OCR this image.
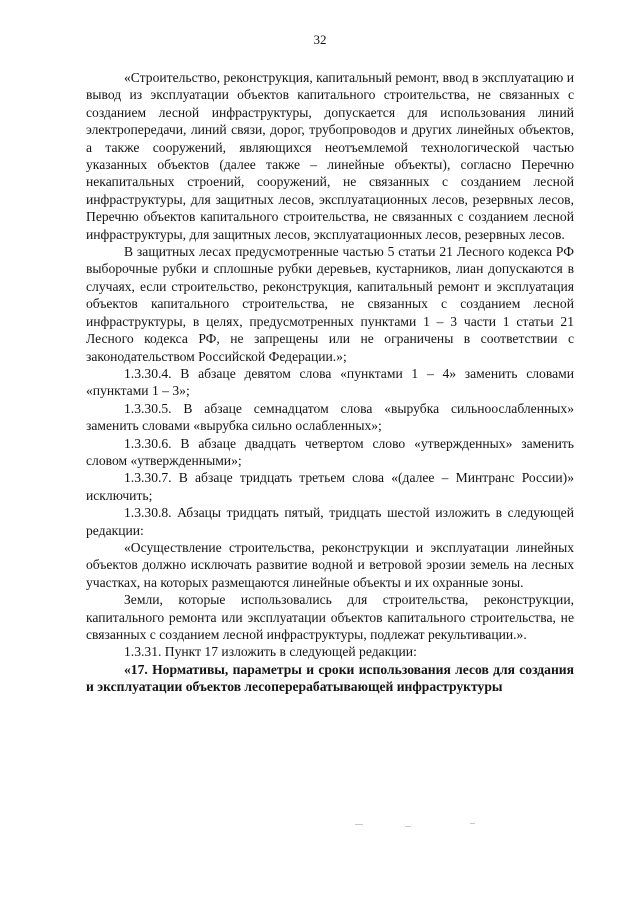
32

«Строительство, реконструкция, капитальный ремонт, ввод в эксплуатацию и вывод из эксплуатации объектов капитального строительства, не связанных с созданием лесной инфраструктуры, допускается для использования линий электропередачи, линий связи, дорог, трубопроводов и других линейных объектов, а также сооружений, являющихся неотъемлемой технологической частью указанных объектов (далее также – линейные объекты), согласно Перечню некапитальных строений, сооружений, не связанных с созданием лесной инфраструктуры, для защитных лесов, эксплуатационных лесов, резервных лесов, Перечню объектов капитального строительства, не связанных с созданием лесной инфраструктуры, для защитных лесов, эксплуатационных лесов, резервных лесов.

В защитных лесах предусмотренные частью 5 статьи 21 Лесного кодекса РФ выборочные рубки и сплошные рубки деревьев, кустарников, лиан допускаются в случаях, если строительство, реконструкция, капитальный ремонт и эксплуатация объектов капитального строительства, не связанных с созданием лесной инфраструктуры, в целях, предусмотренных пунктами 1 – 3 части 1 статьи 21 Лесного кодекса РФ, не запрещены или не ограничены в соответствии с законодательством Российской Федерации.»;

1.3.30.4. В абзаце девятом слова «пунктами 1 – 4» заменить словами «пунктами 1 – 3»;

1.3.30.5. В абзаце семнадцатом слова «вырубка сильноослабленных» заменить словами «вырубка сильно ослабленных»;

1.3.30.6. В абзаце двадцать четвертом слово «утвержденных» заменить словом «утвержденными»;

1.3.30.7. В абзаце тридцать третьем слова «(далее – Минтранс России)» исключить;

1.3.30.8. Абзацы тридцать пятый, тридцать шестой изложить в следующей редакции:

«Осуществление строительства, реконструкции и эксплуатации линейных объектов должно исключать развитие водной и ветровой эрозии земель на лесных участках, на которых размещаются линейные объекты и их охранные зоны.

Земли, которые использовались для строительства, реконструкции, капитального ремонта или эксплуатации объектов капитального строительства, не связанных с созданием лесной инфраструктуры, подлежат рекультивации.».

1.3.31. Пункт 17 изложить в следующей редакции:

«17. Нормативы, параметры и сроки использования лесов для создания и эксплуатации объектов лесоперерабатывающей инфраструктуры
